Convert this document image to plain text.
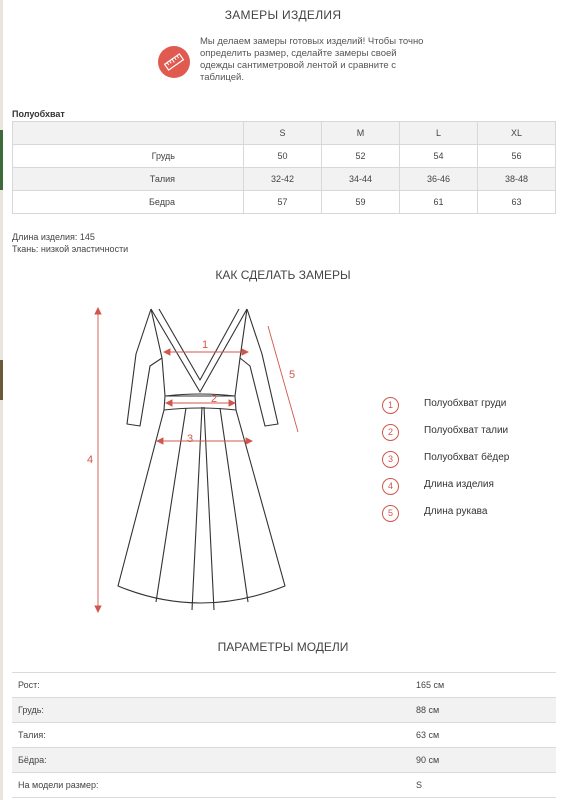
ЗАМЕРЫ ИЗДЕЛИЯ
Мы делаем замеры готовых изделий! Чтобы точно
определить размер, сделайте замеры своей
одежды сантиметровой лентой и сравните с
таблицей.
Полуобхват
	S	M	L	XL
Грудь	50	52	54	56
Талия	32-42	34-44	36-46	38-48
Бедра	57	59	61	63
Длина изделия: 145
Ткань: низкой эластичности
КАК СДЕЛАТЬ ЗАМЕРЫ
1
2
3
4
5
1	Полуобхват груди
2	Полуобхват талии
3	Полуобхват бёдер
4	Длина изделия
5	Длина рукава
ПАРАМЕТРЫ МОДЕЛИ
Рост:	165 см
Грудь:	88 см
Талия:	63 см
Бёдра:	90 см
На модели размер:	S
